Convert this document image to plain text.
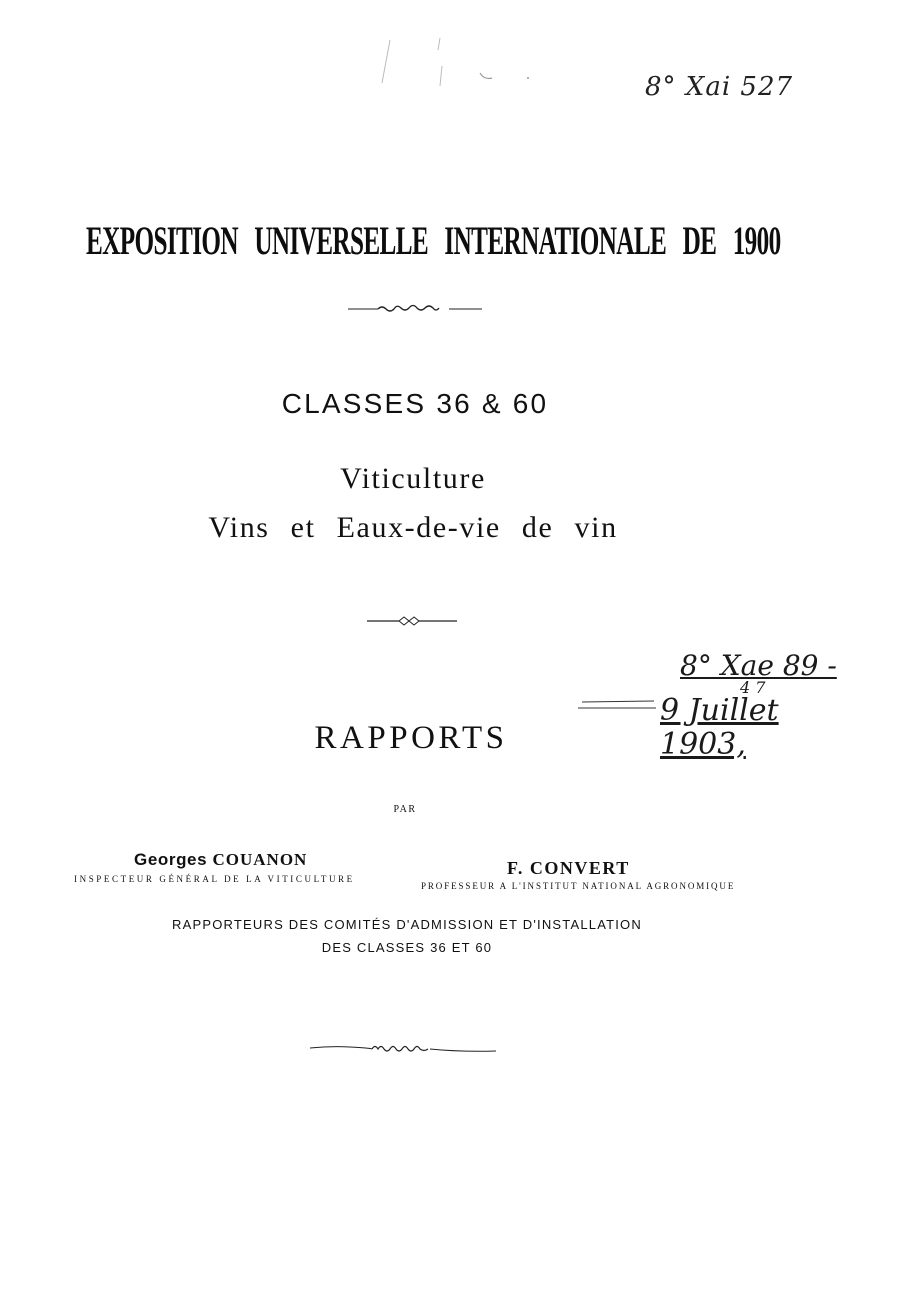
8° Xai 527
EXPOSITION UNIVERSELLE INTERNATIONALE DE 1900
CLASSES 36 & 60
Viticulture
Vins et Eaux-de-vie de vin
8° Xae 89 -
4 7
9 Juillet 1903,
RAPPORTS
PAR
Georges COUANON
INSPECTEUR GÉNÉRAL DE LA VITICULTURE
F. CONVERT
PROFESSEUR A L'INSTITUT NATIONAL AGRONOMIQUE
RAPPORTEURS DES COMITÉS D'ADMISSION ET D'INSTALLATION
DES CLASSES 36 ET 60
